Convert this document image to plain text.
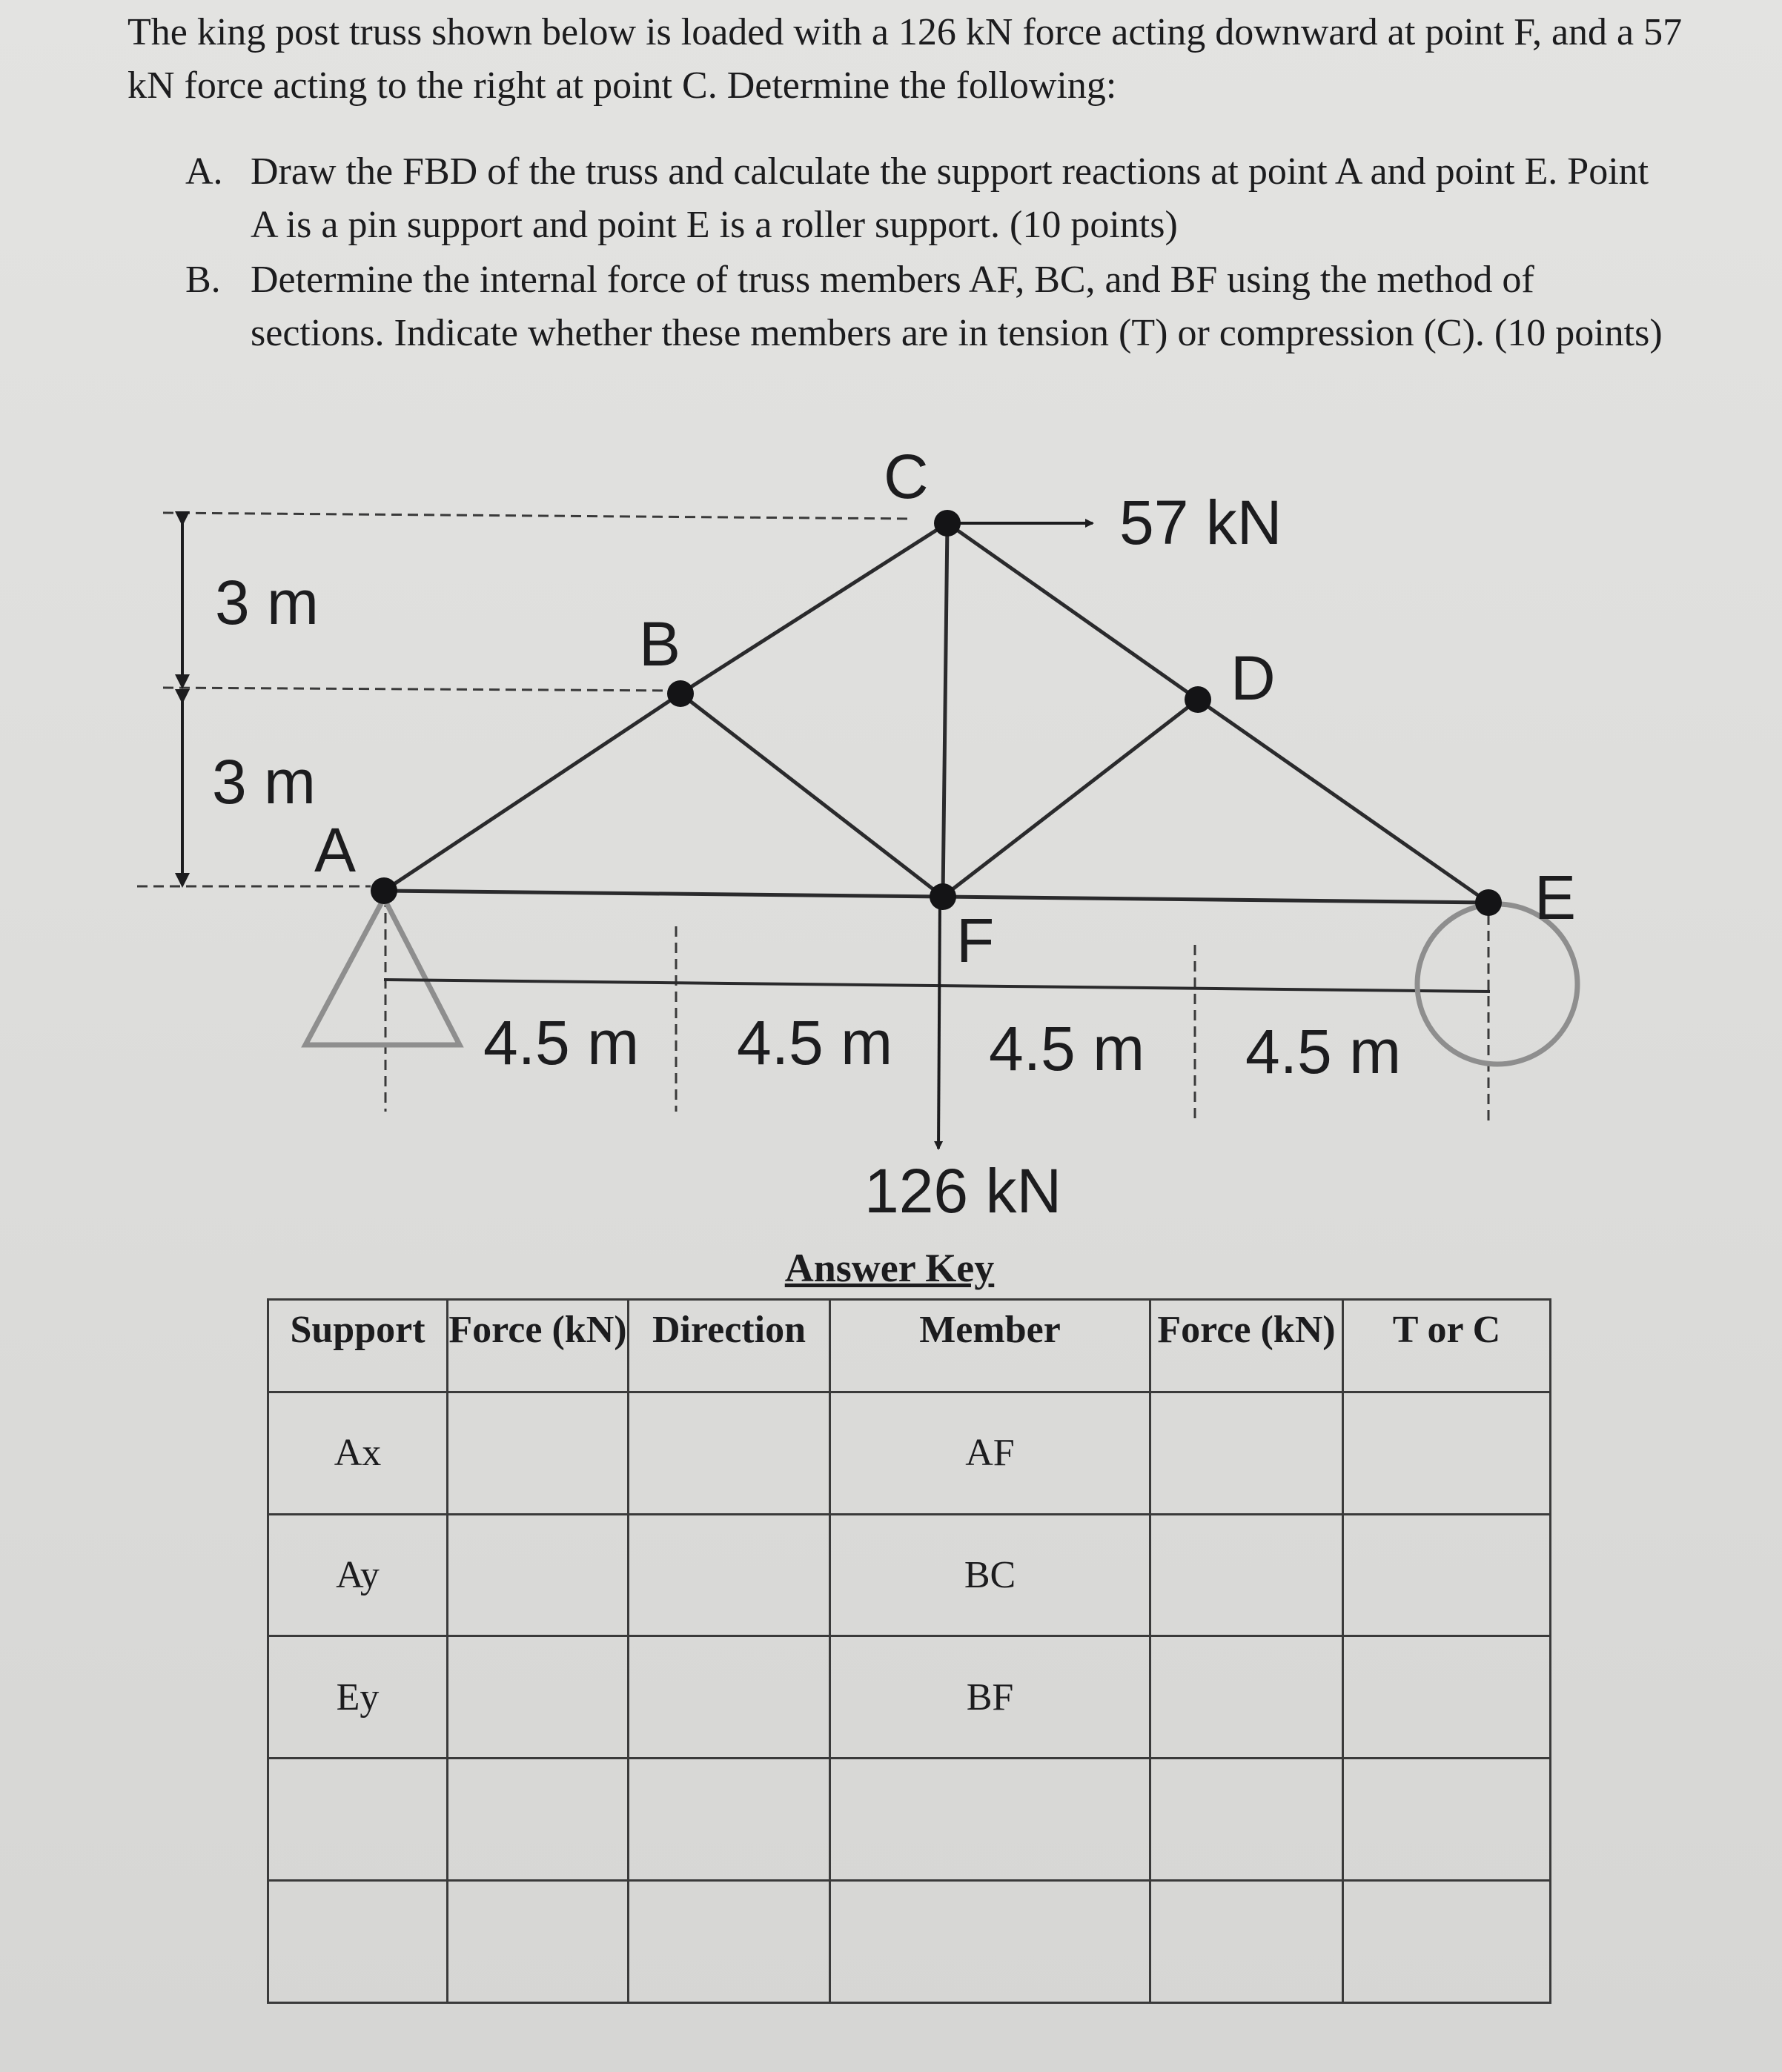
The king post truss shown below is loaded with a 126 kN force acting downward at point F, and a 57 kN force acting to the right at point C. Determine the following:
A. Draw the FBD of the truss and calculate the support reactions at point A and point E. Point A is a pin support and point E is a roller support. (10 points)
B. Determine the internal force of truss members AF, BC, and BF using the method of sections. Indicate whether these members are in tension (T) or compression (C). (10 points)
A
B
C
D
E
F
3 m
3 m
4.5 m 4.5 m 4.5 m 4.5 m
57 kN
126 kN
Answer Key
Support	Force (kN)	Direction	Member	Force (kN)	T or C
Ax			AF		
Ay			BC		
Ey			BF		
